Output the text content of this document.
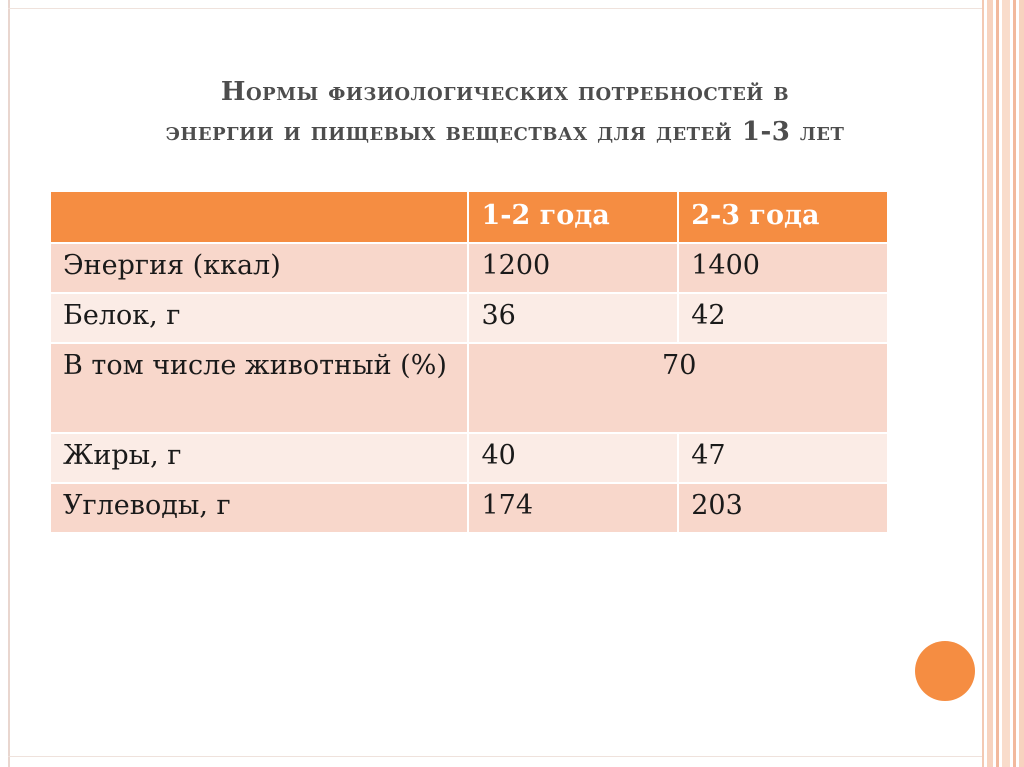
Нормы физиологических потребностей в
энергии и пищевых веществах для детей 1-3 лет
	1-2 года	2-3 года
Энергия (ккал)	1200	1400
Белок, г	36	42
В том числе животный (%)	70	
Жиры, г	40	47
Углеводы, г	174	203
